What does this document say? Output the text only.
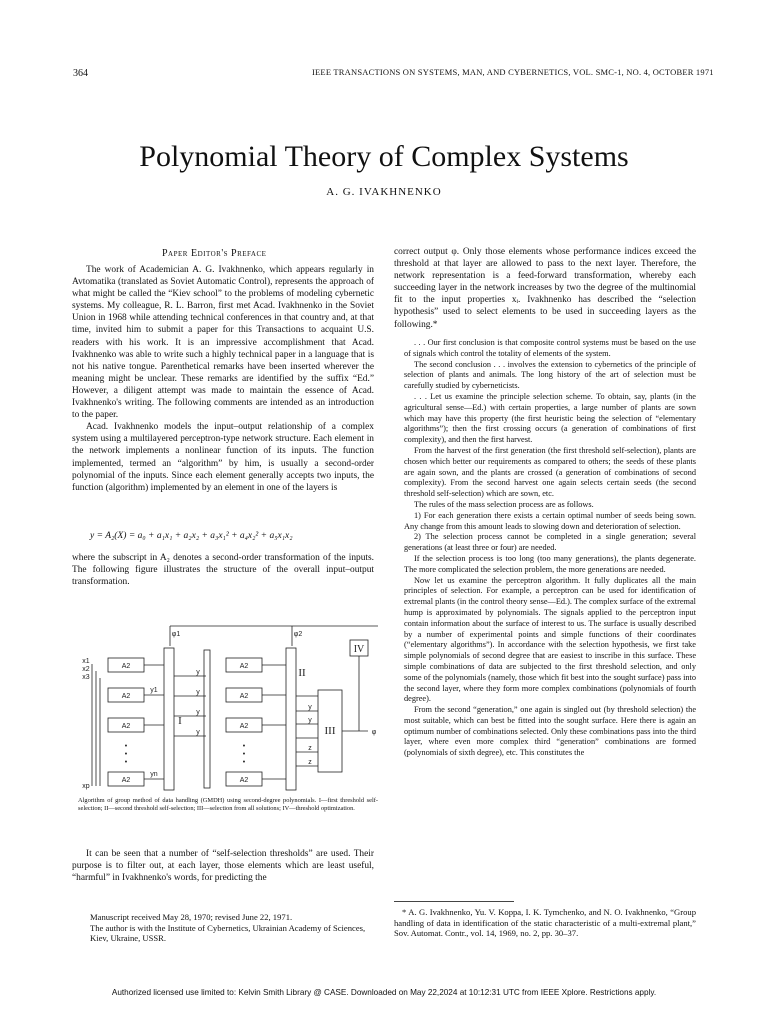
364	IEEE TRANSACTIONS ON SYSTEMS, MAN, AND CYBERNETICS, VOL. SMC-1, NO. 4, OCTOBER 1971
Polynomial Theory of Complex Systems
A. G. IVAKHNENKO
Paper Editor's Preface

The work of Academician A. G. Ivakhnenko, which appears regularly in Avtomatika (translated as Soviet Automatic Control), represents the approach of what might be called the “Kiev school” to the problems of modeling cybernetic systems. My colleague, R. L. Barron, first met Acad. Ivakhnenko in the Soviet Union in 1968 while attending technical conferences in that country and, at that time, invited him to submit a paper for this Transactions to acquaint U.S. readers with his work. It is an impressive accomplishment that Acad. Ivakhnenko was able to write such a highly technical paper in a language that is not his native tongue. Parenthetical remarks have been inserted wherever the meaning might be unclear. These remarks are identified by the suffix “Ed.” However, a diligent attempt was made to maintain the essence of Acad. Ivakhnenko's writing. The following comments are intended as an introduction to the paper.

Acad. Ivakhnenko models the input–output relationship of a complex system using a multilayered perceptron-type network structure. Each element in the network implements a nonlinear function of its inputs. The function implemented, termed an “algorithm” by him, is usually a second-order polynomial of the inputs. Since each element generally accepts two inputs, the function (algorithm) implemented by an element in one of the layers is

y = A₂(X) = a₀ + a₁x₁ + a₂x₂ + a₃x₁² + a₄x₂² + a₅x₁x₂

where the subscript in A₂ denotes a second-order transformation of the inputs. The following figure illustrates the structure of the overall input–output transformation.

A2
A2
A2
A2
A2
A2
A2
A2
•
•
•
•
•
•
I
II
III
IV
x1
x2
x3
xp
y1
yn
y
y
y
y
y
y
z
z
φ1	φ2
φ
Algorithm of group method of data handling (GMDH) using second-degree polynomials. I—first threshold self-selection; II—second threshold self-selection; III—selection from all solutions; IV—threshold optimization.

It can be seen that a number of “self-selection thresholds” are used. Their purpose is to filter out, at each layer, those elements which are least useful, “harmful” in Ivakhnenko's words, for predicting the

Manuscript received May 28, 1970; revised June 22, 1971.
The author is with the Institute of Cybernetics, Ukrainian Academy of Sciences, Kiev, Ukraine, USSR.

correct output φ. Only those elements whose performance indices exceed the threshold at that layer are allowed to pass to the next layer. Therefore, the network representation is a feed-forward transformation, whereby each succeeding layer in the network increases by two the degree of the multinomial fit to the input properties xᵢ. Ivakhnenko has described the “selection hypothesis” used to select elements to be used in succeeding layers as the following.*

. . . Our first conclusion is that composite control systems must be based on the use of signals which control the totality of elements of the system.

The second conclusion . . . involves the extension to cybernetics of the principle of selection of plants and animals. The long history of the art of selection must be carefully studied by cyberneticists.

. . . Let us examine the principle selection scheme. To obtain, say, plants (in the agricultural sense—Ed.) with certain properties, a large number of plants are sown which may have this property (the first heuristic being the selection of “elementary algorithms”); then the first crossing occurs (a generation of combinations of first complexity), and then the first harvest.

From the harvest of the first generation (the first threshold self-selection), plants are chosen which better our requirements as compared to others; the seeds of these plants are again sown, and the plants are crossed (a generation of combinations of second complexity). From the second harvest one again selects certain seeds (the second threshold self-selection) which are sown, etc.

The rules of the mass selection process are as follows.

1) For each generation there exists a certain optimal number of seeds being sown. Any change from this amount leads to slowing down and deterioration of selection.

2) The selection process cannot be completed in a single generation; several generations (at least three or four) are needed.

If the selection process is too long (too many generations), the plants degenerate. The more complicated the selection problem, the more generations are needed.

Now let us examine the perceptron algorithm. It fully duplicates all the main principles of selection. For example, a perceptron can be used for identification of extremal plants (in the control theory sense—Ed.). The complex surface of the extremal hump is approximated by polynomials. The signals applied to the perceptron input contain information about the surface of interest to us. The surface is usually described by a number of experimental points and simple functions of their coordinates (“elementary algorithms”). In accordance with the selection hypothesis, we first take simple polynomials of second degree that are easiest to inscribe in this surface. These simple combinations of data are subjected to the first threshold selection, and only some of the polynomials (namely, those which fit best into the sought surface) pass into the second layer, where they form more complex combinations (polynomials of fourth degree).

From the second “generation,” one again is singled out (by threshold selection) the most suitable, which can best be fitted into the sought surface. Here there is again an optimum number of combinations selected. Only these combinations pass into the third layer, where even more complex third “generation” combinations are formed (polynomials of sixth degree), etc. This constitutes the

* A. G. Ivakhnenko, Yu. V. Koppa, I. K. Tymchenko, and N. O. Ivakhnenko, “Group handling of data in identification of the static characteristic of a multi-extremal plant,” Sov. Automat. Contr., vol. 14, 1969, no. 2, pp. 30–37.
Authorized licensed use limited to: Kelvin Smith Library @ CASE. Downloaded on May 22,2024 at 10:12:31 UTC from IEEE Xplore. Restrictions apply.
